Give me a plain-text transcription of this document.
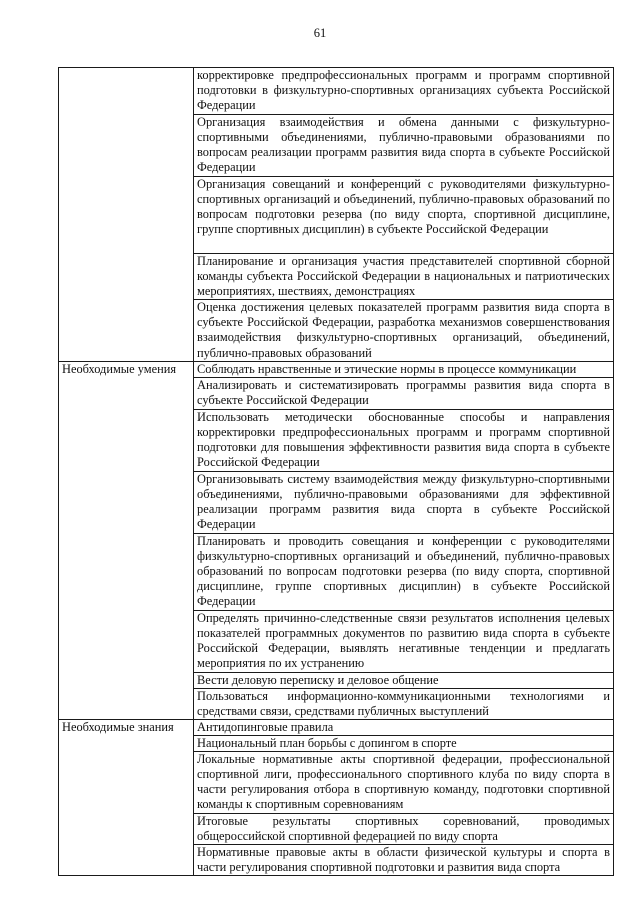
61

	корректировке предпрофессиональных программ и программ спортивной подготовки в физкультурно-спортивных организациях субъекта Российской Федерации

	Организация взаимодействия и обмена данными с физкультурно-спортивными объединениями, публично-правовыми образованиями по вопросам реализации программ развития вида спорта в субъекте Российской Федерации

	Организация совещаний и конференций с руководителями физкультурно-спортивных организаций и объединений, публично-правовых образований по вопросам подготовки резерва (по виду спорта, спортивной дисциплине, группе спортивных дисциплин) в субъекте Российской Федерации

	Планирование и организация участия представителей спортивной сборной команды субъекта Российской Федерации в национальных и патриотических мероприятиях, шествиях, демонстрациях

	Оценка достижения целевых показателей программ развития вида спорта в субъекте Российской Федерации, разработка механизмов совершенствования взаимодействия физкультурно-спортивных организаций, объединений, публично-правовых образований

Необходимые умения	Соблюдать нравственные и этические нормы в процессе коммуникации

	Анализировать и систематизировать программы развития вида спорта в субъекте Российской Федерации

	Использовать методически обоснованные способы и направления корректировки предпрофессиональных программ и программ спортивной подготовки для повышения эффективности развития вида спорта в субъекте Российской Федерации

	Организовывать систему взаимодействия между физкультурно-спортивными объединениями, публично-правовыми образованиями для эффективной реализации программ развития вида спорта в субъекте Российской Федерации

	Планировать и проводить совещания и конференции с руководителями физкультурно-спортивных организаций и объединений, публично-правовых образований по вопросам подготовки резерва (по виду спорта, спортивной дисциплине, группе спортивных дисциплин) в субъекте Российской Федерации

	Определять причинно-следственные связи результатов исполнения целевых показателей программных документов по развитию вида спорта в субъекте Российской Федерации, выявлять негативные тенденции и предлагать мероприятия по их устранению

	Вести деловую переписку и деловое общение

	Пользоваться информационно-коммуникационными технологиями и средствами связи, средствами публичных выступлений

Необходимые знания	Антидопинговые правила

	Национальный план борьбы с допингом в спорте

	Локальные нормативные акты спортивной федерации, профессиональной спортивной лиги, профессионального спортивного клуба по виду спорта в части регулирования отбора в спортивную команду, подготовки спортивной команды к спортивным соревнованиям

	Итоговые результаты спортивных соревнований, проводимых общероссийской спортивной федерацией по виду спорта

	Нормативные правовые акты в области физической культуры и спорта в части регулирования спортивной подготовки и развития вида спорта
